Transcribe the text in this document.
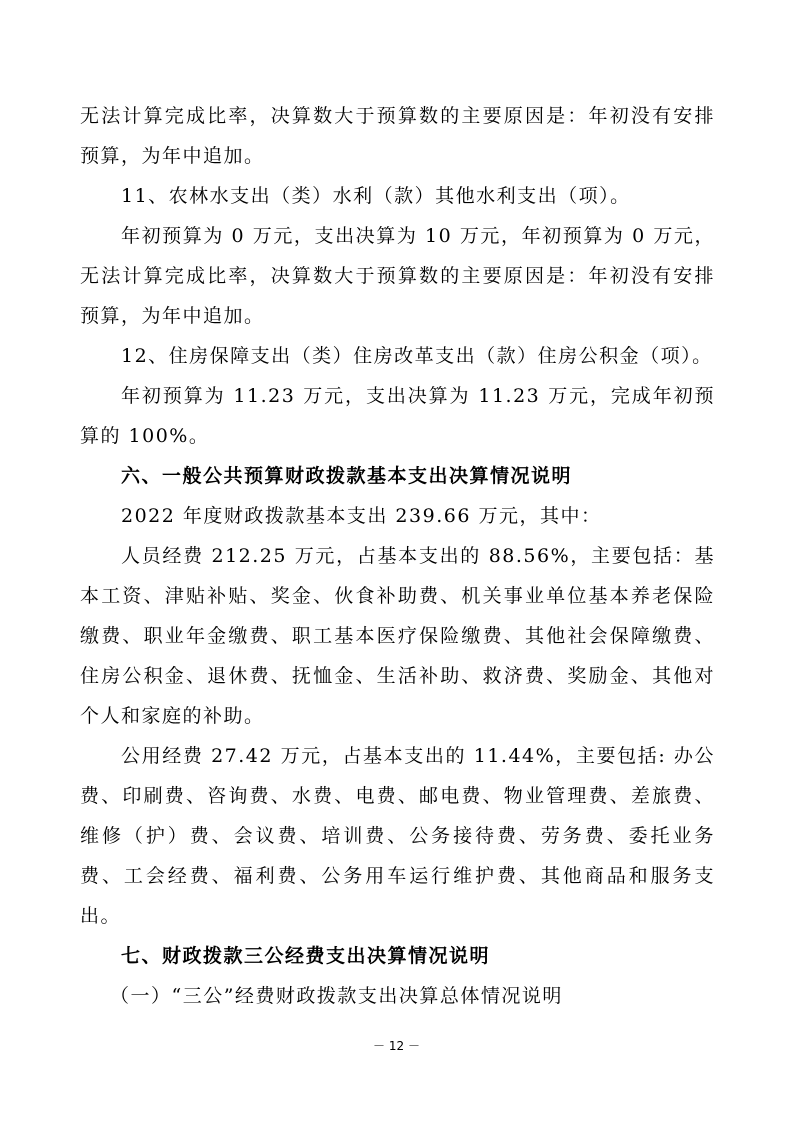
无法计算完成比率，决算数大于预算数的主要原因是：年初没有安排预算，为年中追加。

11、农林水支出（类）水利（款）其他水利支出（项）。

年初预算为 0 万元，支出决算为 10 万元，年初预算为 0 万元，无法计算完成比率，决算数大于预算数的主要原因是：年初没有安排预算，为年中追加。

12、住房保障支出（类）住房改革支出（款）住房公积金（项）。

年初预算为 11.23 万元，支出决算为 11.23 万元，完成年初预算的 100%。

六、一般公共预算财政拨款基本支出决算情况说明

2022 年度财政拨款基本支出 239.66 万元，其中：

人员经费 212.25 万元，占基本支出的 88.56%，主要包括：基本工资、津贴补贴、奖金、伙食补助费、机关事业单位基本养老保险缴费、职业年金缴费、职工基本医疗保险缴费、其他社会保障缴费、住房公积金、退休费、抚恤金、生活补助、救济费、奖励金、其他对个人和家庭的补助。

公用经费 27.42 万元，占基本支出的 11.44%，主要包括: 办公费、印刷费、咨询费、水费、电费、邮电费、物业管理费、差旅费、维修（护）费、会议费、培训费、公务接待费、劳务费、委托业务费、工会经费、福利费、公务用车运行维护费、其他商品和服务支出。

七、财政拨款三公经费支出决算情况说明

（一）“三公”经费财政拨款支出决算总体情况说明

－ 12 －
